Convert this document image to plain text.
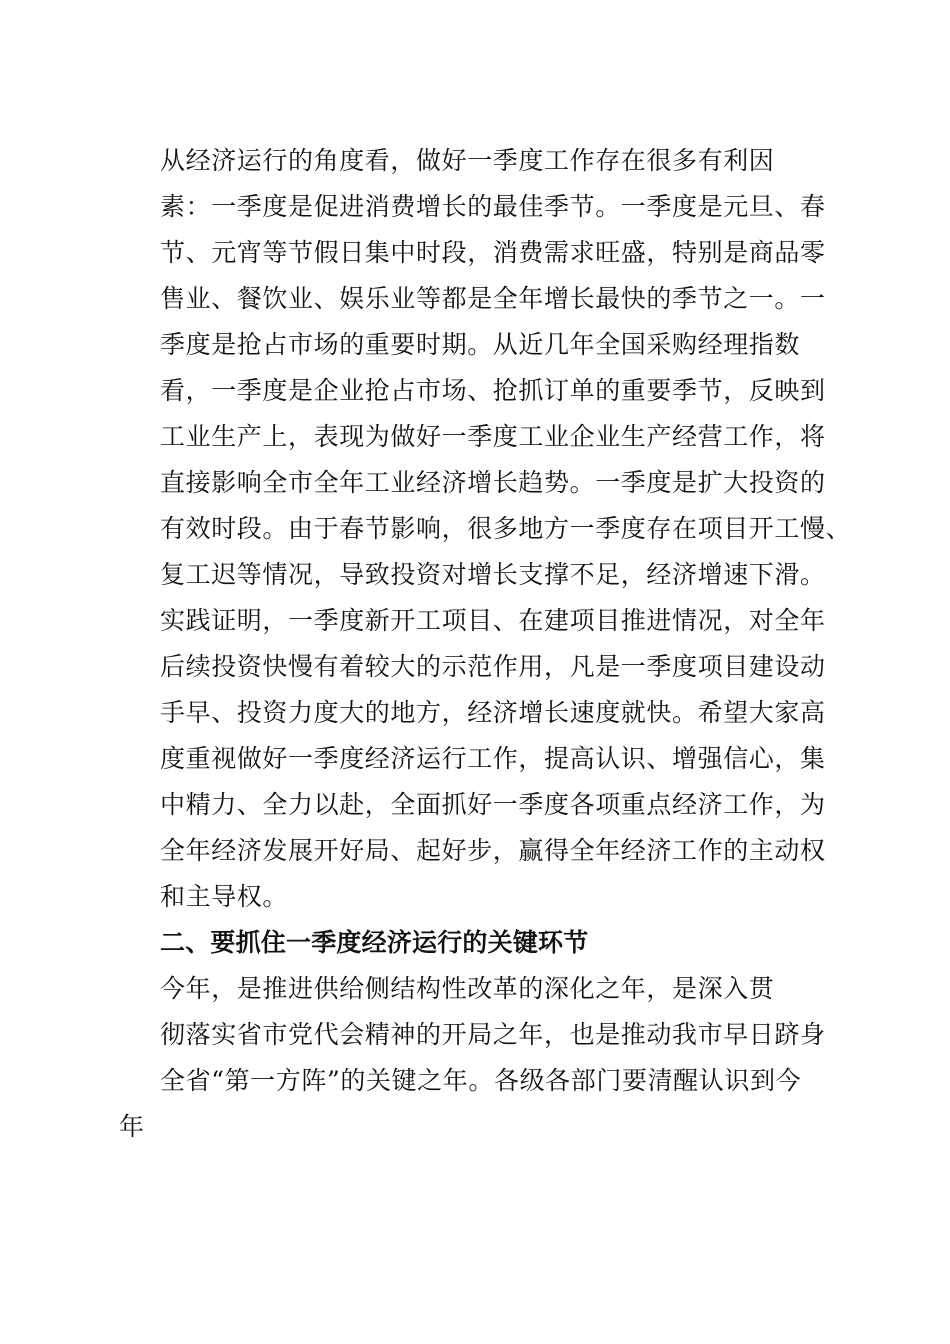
从经济运行的角度看，做好一季度工作存在很多有利因
素：一季度是促进消费增长的最佳季节。一季度是元旦、春
节、元宵等节假日集中时段，消费需求旺盛，特别是商品零
售业、餐饮业、娱乐业等都是全年增长最快的季节之一。一
季度是抢占市场的重要时期。从近几年全国采购经理指数
看，一季度是企业抢占市场、抢抓订单的重要季节，反映到
工业生产上，表现为做好一季度工业企业生产经营工作，将
直接影响全市全年工业经济增长趋势。一季度是扩大投资的
有效时段。由于春节影响，很多地方一季度存在项目开工慢、
复工迟等情况，导致投资对增长支撑不足，经济增速下滑。
实践证明，一季度新开工项目、在建项目推进情况，对全年
后续投资快慢有着较大的示范作用，凡是一季度项目建设动
手早、投资力度大的地方，经济增长速度就快。希望大家高
度重视做好一季度经济运行工作，提高认识、增强信心，集
中精力、全力以赴，全面抓好一季度各项重点经济工作，为
全年经济发展开好局、起好步，赢得全年经济工作的主动权
和主导权。
二、要抓住一季度经济运行的关键环节
今年，是推进供给侧结构性改革的深化之年，是深入贯
彻落实省市党代会精神的开局之年，也是推动我市早日跻身
全省“第一方阵”的关键之年。各级各部门要清醒认识到今
年
